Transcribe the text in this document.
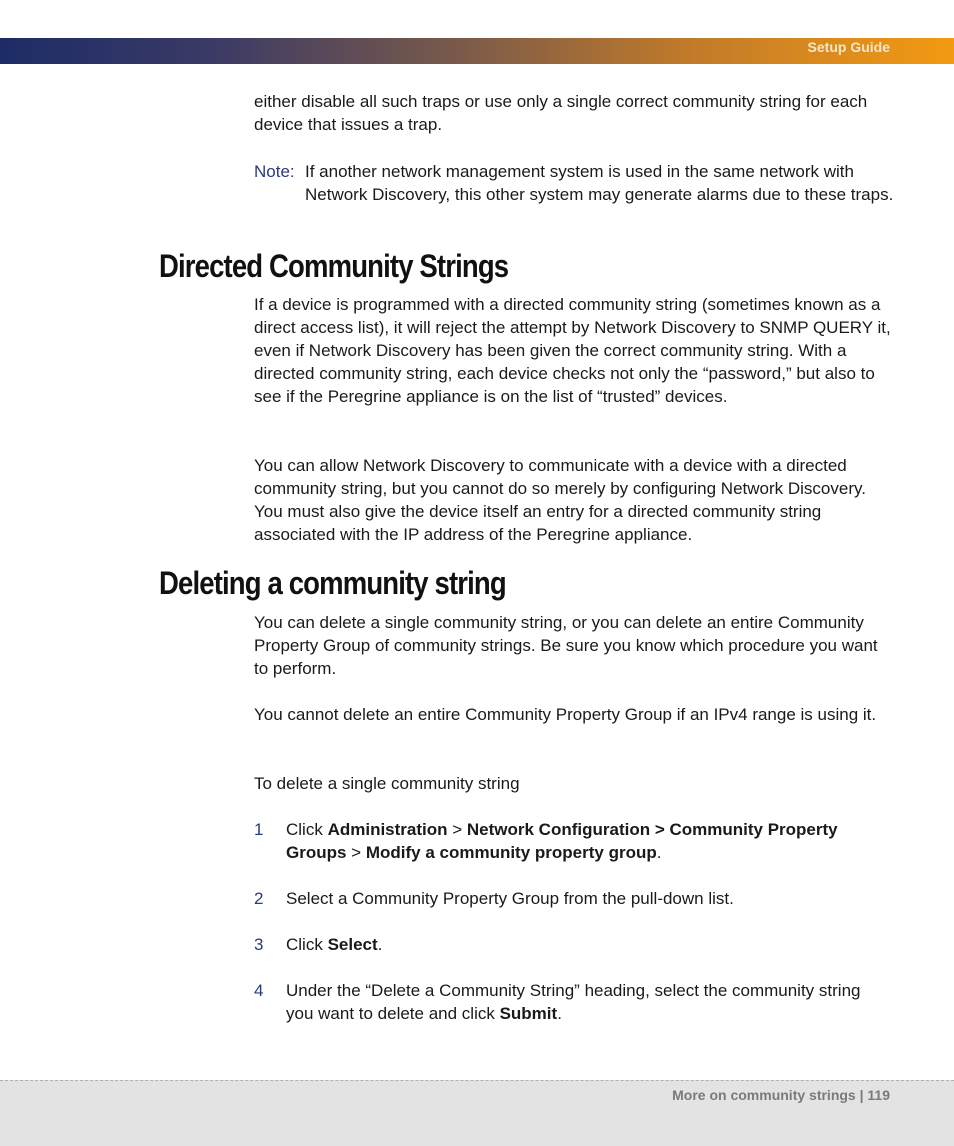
Setup Guide

either disable all such traps or use only a single correct community string for each device that issues a trap.

Note: If another network management system is used in the same network with Network Discovery, this other system may generate alarms due to these traps.
Directed Community Strings

If a device is programmed with a directed community string (sometimes known as a direct access list), it will reject the attempt by Network Discovery to SNMP QUERY it, even if Network Discovery has been given the correct community string. With a directed community string, each device checks not only the “password,” but also to see if the Peregrine appliance is on the list of “trusted” devices.

You can allow Network Discovery to communicate with a device with a directed community string, but you cannot do so merely by configuring Network Discovery. You must also give the device itself an entry for a directed community string associated with the IP address of the Peregrine appliance.

Deleting a community string

You can delete a single community string, or you can delete an entire Community Property Group of community strings. Be sure you know which procedure you want to perform.

You cannot delete an entire Community Property Group if an IPv4 range is using it.

To delete a single community string

1 Click Administration > Network Configuration > Community Property Groups > Modify a community property group.
2 Select a Community Property Group from the pull-down list.
3 Click Select.
4 Under the “Delete a Community String” heading, select the community string you want to delete and click Submit.
More on community strings | 119
